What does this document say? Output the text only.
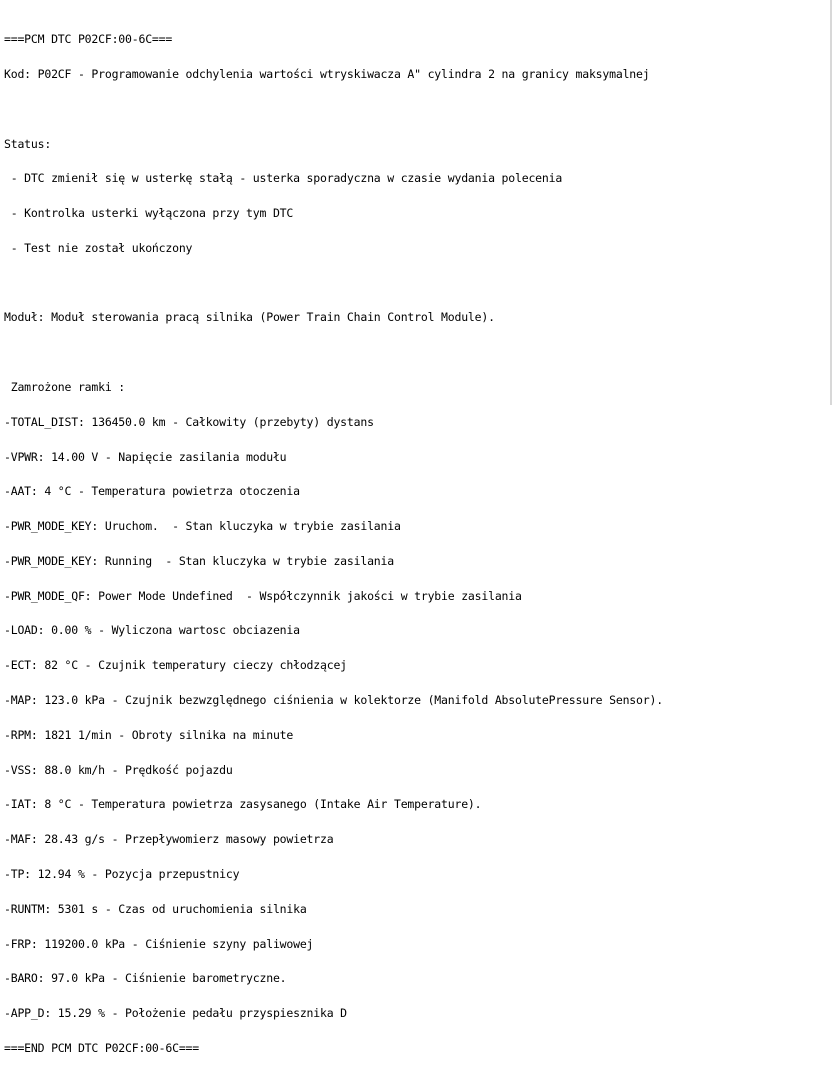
===PCM DTC P02CF:00-6C===

Kod: P02CF - Programowanie odchylenia wartości wtryskiwacza A" cylindra 2 na granicy maksymalnej

Status:

- DTC zmienił się w usterkę stałą - usterka sporadyczna w czasie wydania polecenia

- Kontrolka usterki wyłączona przy tym DTC

- Test nie został ukończony

Moduł: Moduł sterowania pracą silnika (Power Train Chain Control Module).

Zamrożone ramki :

-TOTAL_DIST: 136450.0 km - Całkowity (przebyty) dystans

-VPWR: 14.00 V - Napięcie zasilania modułu

-AAT: 4 °C - Temperatura powietrza otoczenia

-PWR_MODE_KEY: Uruchom.  - Stan kluczyka w trybie zasilania

-PWR_MODE_KEY: Running  - Stan kluczyka w trybie zasilania

-PWR_MODE_QF: Power Mode Undefined  - Współczynnik jakości w trybie zasilania

-LOAD: 0.00 % - Wyliczona wartosc obciazenia

-ECT: 82 °C - Czujnik temperatury cieczy chłodzącej

-MAP: 123.0 kPa - Czujnik bezwzględnego ciśnienia w kolektorze (Manifold AbsolutePressure Sensor).

-RPM: 1821 1/min - Obroty silnika na minute

-VSS: 88.0 km/h - Prędkość pojazdu

-IAT: 8 °C - Temperatura powietrza zasysanego (Intake Air Temperature).

-MAF: 28.43 g/s - Przepływomierz masowy powietrza

-TP: 12.94 % - Pozycja przepustnicy

-RUNTM: 5301 s - Czas od uruchomienia silnika

-FRP: 119200.0 kPa - Ciśnienie szyny paliwowej

-BARO: 97.0 kPa - Ciśnienie barometryczne.

-APP_D: 15.29 % - Położenie pedału przyspiesznika D

===END PCM DTC P02CF:00-6C===
